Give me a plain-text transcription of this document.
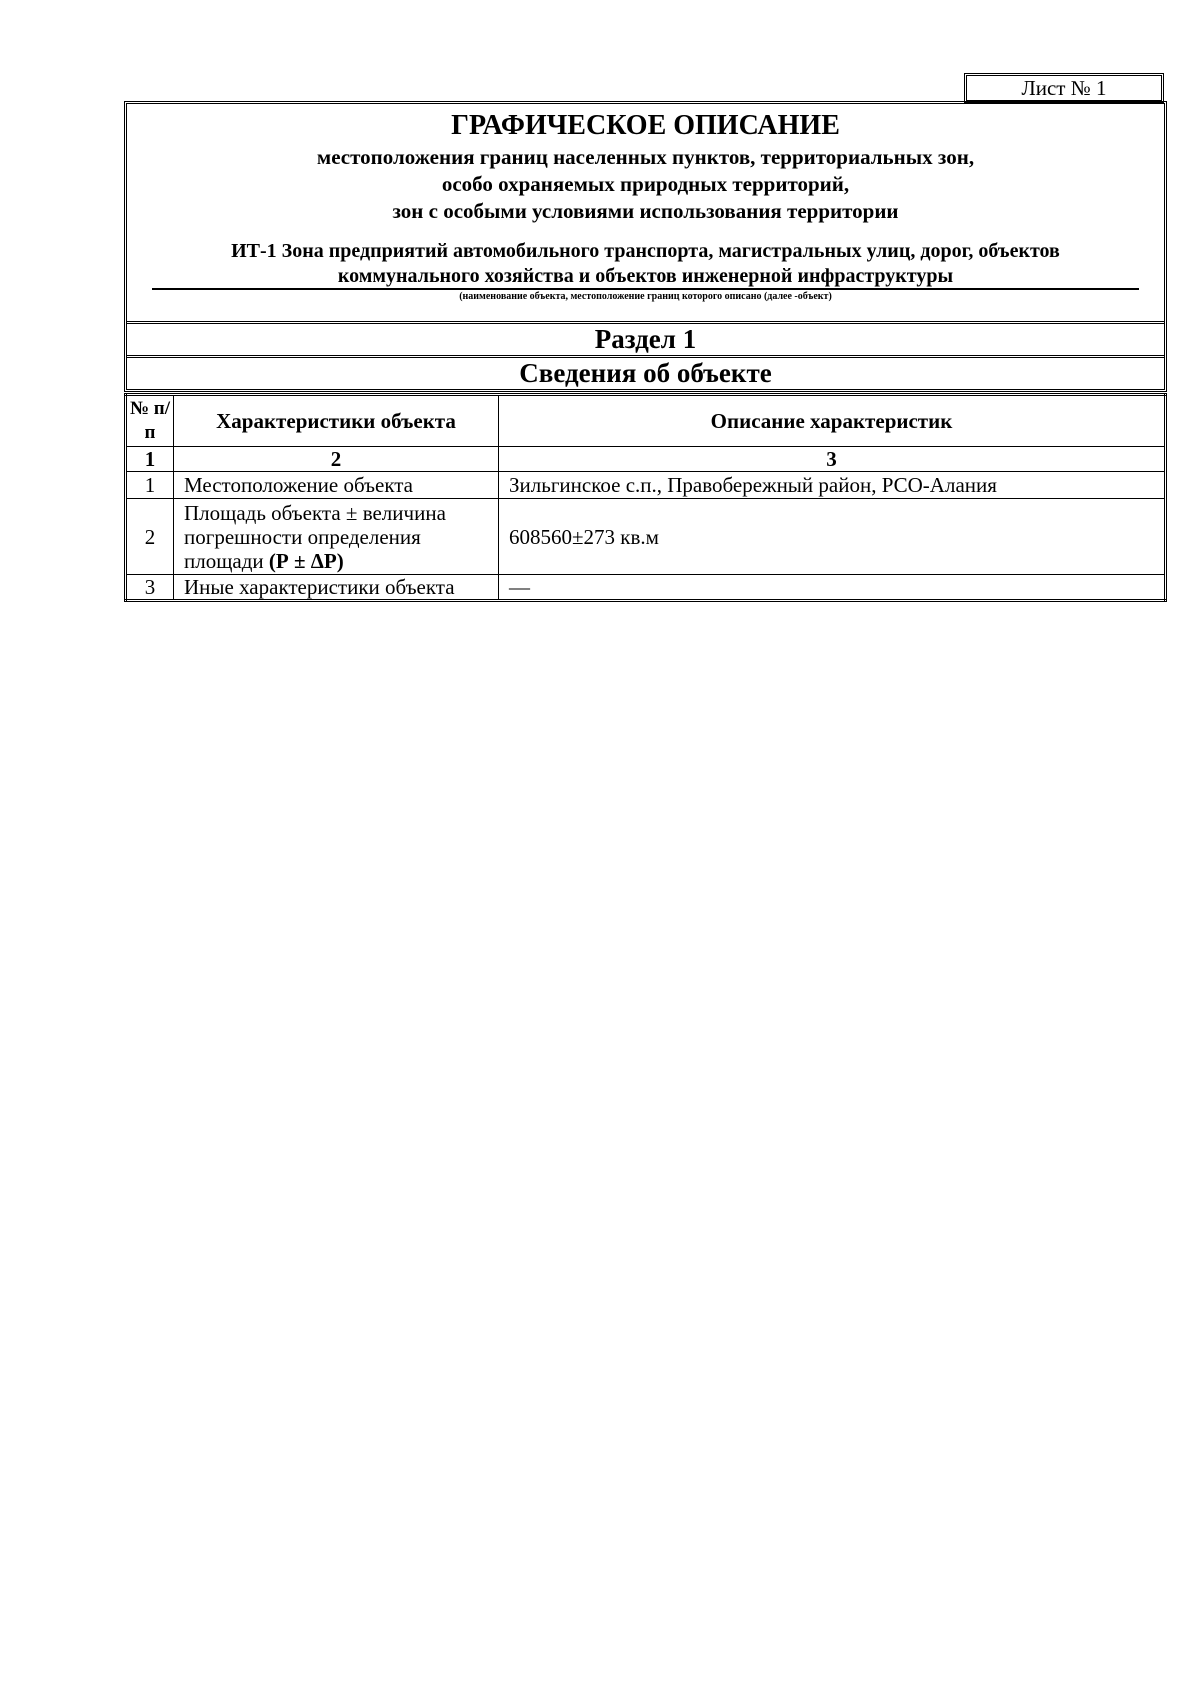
Лист № 1
ГРАФИЧЕСКОЕ ОПИСАНИЕ
местоположения границ населенных пунктов, территориальных зон,
особо охраняемых природных территорий,
зон с особыми условиями использования территории
ИТ-1 Зона предприятий автомобильного транспорта, магистральных улиц, дорог, объектов
коммунального хозяйства и объектов инженерной инфраструктуры
(наименование объекта, местоположение границ которого описано (далее -объект)
Раздел 1
Сведения об объекте
№ п/п	Характеристики объекта	Описание характеристик
1	2	3
1	Местоположение объекта	Зильгинское с.п., Правобережный район, РСО-Алания
2	Площадь объекта ± величина погрешности определения площади (Р ± ΔР)	608560±273 кв.м
3	Иные характеристики объекта	—
